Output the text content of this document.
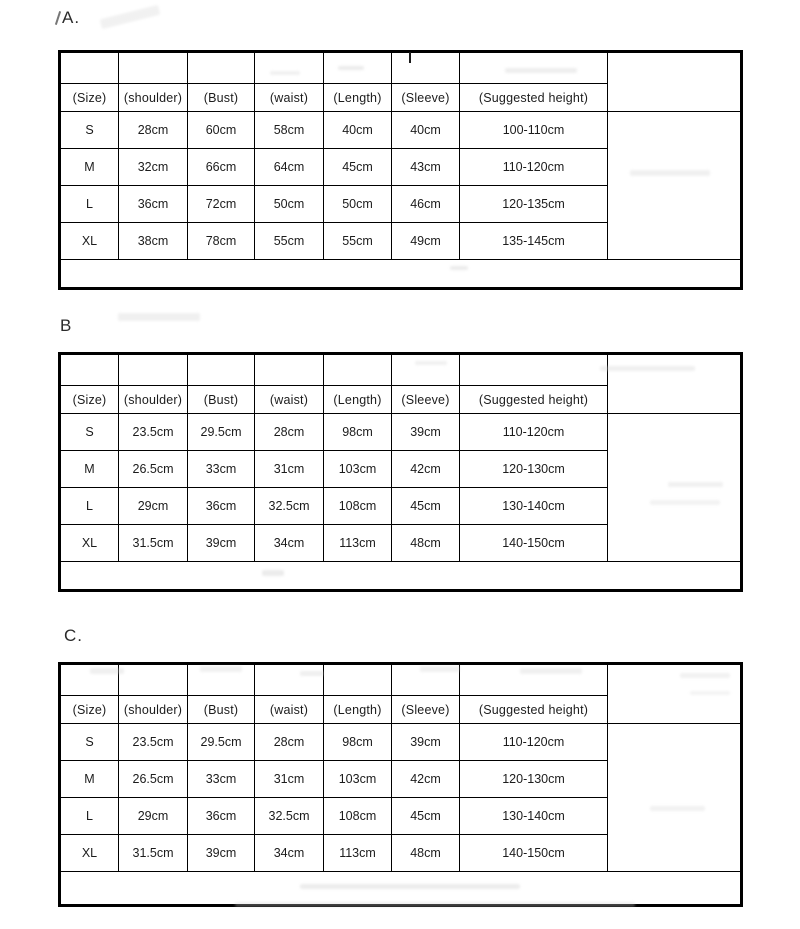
A.

(Size)	(shoulder)	(Bust)	(waist)	(Length)	(Sleeve)	(Suggested height)	
S	28cm	60cm	58cm	40cm	40cm	100-110cm	
M	32cm	66cm	64cm	45cm	43cm	110-120cm	
L	36cm	72cm	50cm	50cm	46cm	120-135cm	
XL	38cm	78cm	55cm	55cm	49cm	135-145cm	

B

(Size)	(shoulder)	(Bust)	(waist)	(Length)	(Sleeve)	(Suggested height)	
S	23.5cm	29.5cm	28cm	98cm	39cm	110-120cm	
M	26.5cm	33cm	31cm	103cm	42cm	120-130cm	
L	29cm	36cm	32.5cm	108cm	45cm	130-140cm	
XL	31.5cm	39cm	34cm	113cm	48cm	140-150cm	

C.

(Size)	(shoulder)	(Bust)	(waist)	(Length)	(Sleeve)	(Suggested height)	
S	23.5cm	29.5cm	28cm	98cm	39cm	110-120cm	
M	26.5cm	33cm	31cm	103cm	42cm	120-130cm	
L	29cm	36cm	32.5cm	108cm	45cm	130-140cm	
XL	31.5cm	39cm	34cm	113cm	48cm	140-150cm	
